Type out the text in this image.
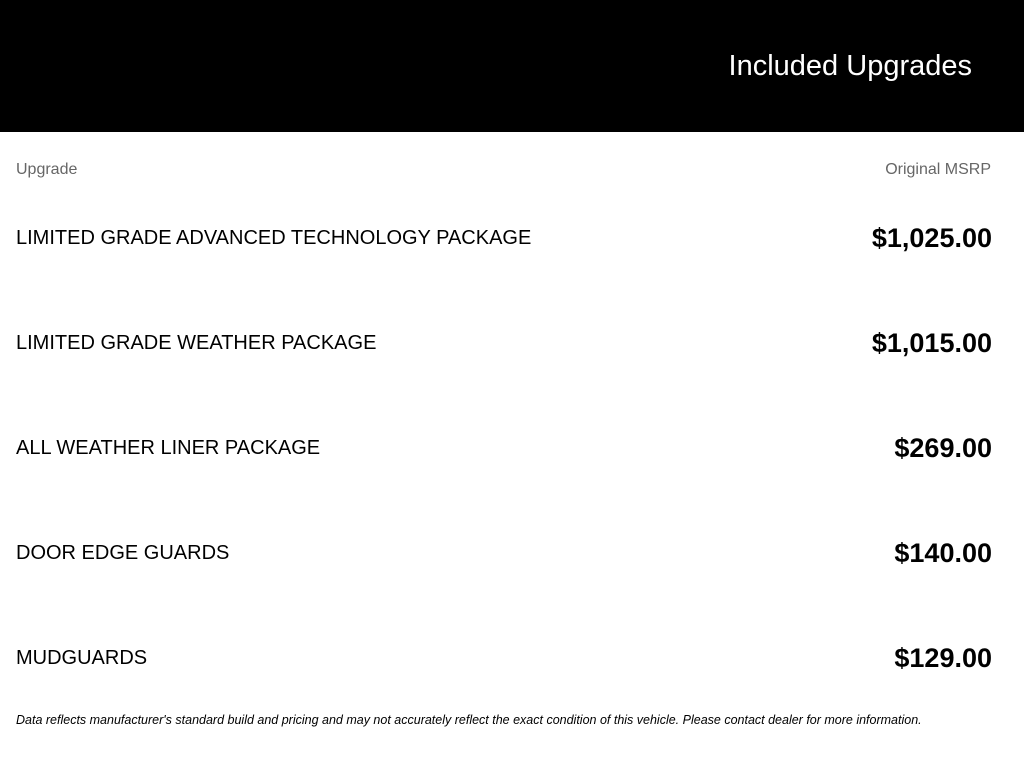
Included Upgrades
Upgrade	Original MSRP
LIMITED GRADE ADVANCED TECHNOLOGY PACKAGE	$1,025.00
LIMITED GRADE WEATHER PACKAGE	$1,015.00
ALL WEATHER LINER PACKAGE	$269.00
DOOR EDGE GUARDS	$140.00
MUDGUARDS	$129.00
Data reflects manufacturer's standard build and pricing and may not accurately reflect the exact condition of this vehicle. Please contact dealer for more information.
